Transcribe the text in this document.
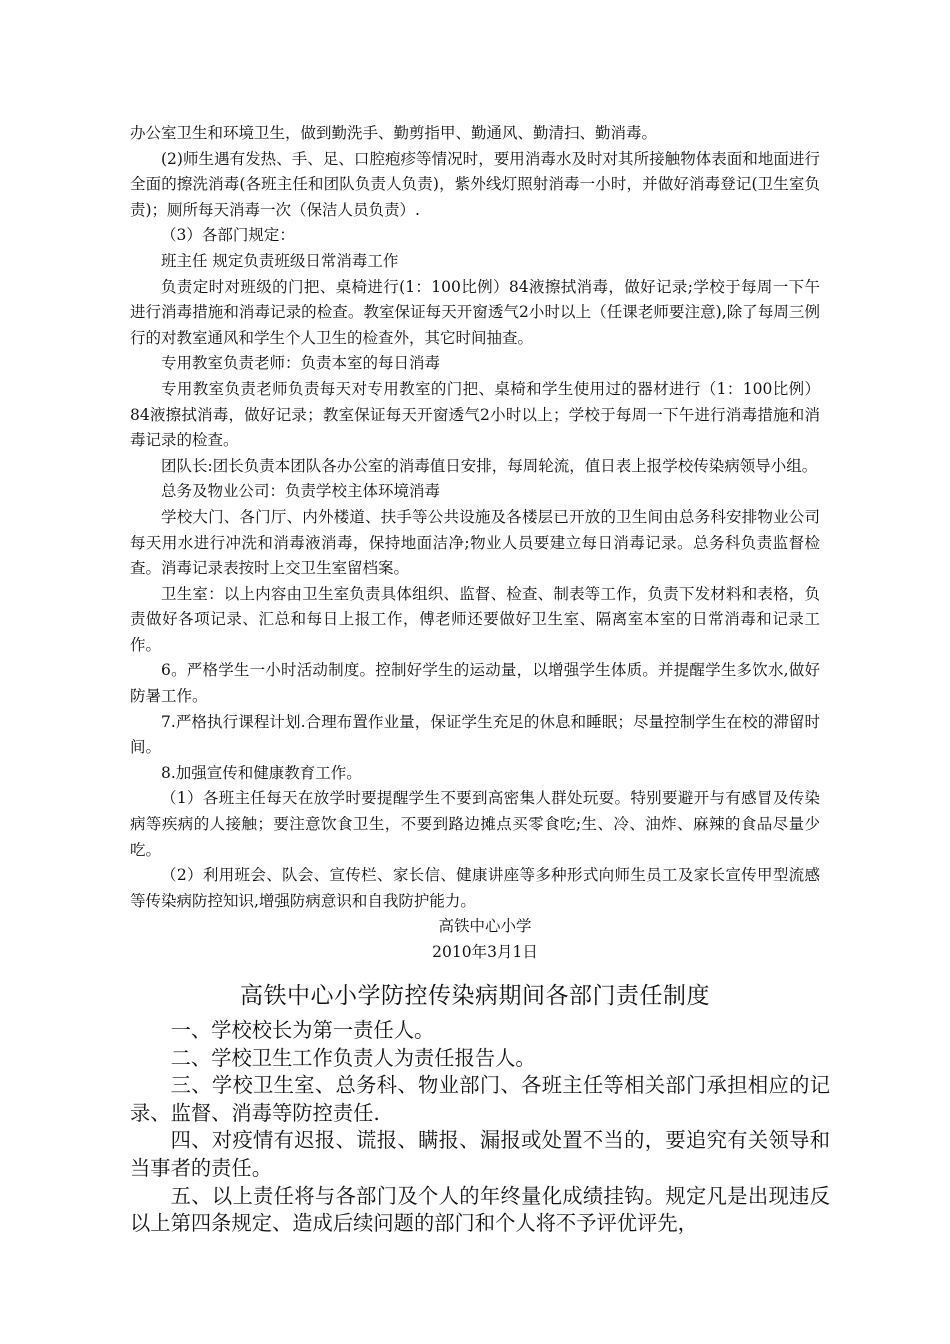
办公室卫生和环境卫生，做到勤洗手、勤剪指甲、勤通风、勤清扫、勤消毒。

(2)师生遇有发热、手、足、口腔疱疹等情况时，要用消毒水及时对其所接触物体表面和地面进行全面的擦洗消毒(各班主任和团队负责人负责)，紫外线灯照射消毒一小时，并做好消毒登记(卫生室负责)；厕所每天消毒一次（保洁人员负责）.

（3）各部门规定：

班主任 规定负责班级日常消毒工作

负责定时对班级的门把、桌椅进行(1：100比例）84液擦拭消毒，做好记录;学校于每周一下午进行消毒措施和消毒记录的检查。教室保证每天开窗透气2小时以上（任课老师要注意),除了每周三例行的对教室通风和学生个人卫生的检查外，其它时间抽查。

专用教室负责老师：负责本室的每日消毒

专用教室负责老师负责每天对专用教室的门把、桌椅和学生使用过的器材进行（1：100比例）84液擦拭消毒，做好记录；教室保证每天开窗透气2小时以上；学校于每周一下午进行消毒措施和消毒记录的检查。

团队长:团长负责本团队各办公室的消毒值日安排，每周轮流，值日表上报学校传染病领导小组。

总务及物业公司：负责学校主体环境消毒

学校大门、各门厅、内外楼道、扶手等公共设施及各楼层已开放的卫生间由总务科安排物业公司每天用水进行冲洗和消毒液消毒，保持地面洁净;物业人员要建立每日消毒记录。总务科负责监督检查。消毒记录表按时上交卫生室留档案。

卫生室：以上内容由卫生室负责具体组织、监督、检查、制表等工作，负责下发材料和表格，负责做好各项记录、汇总和每日上报工作，傅老师还要做好卫生室、隔离室本室的日常消毒和记录工作。

6。严格学生一小时活动制度。控制好学生的运动量，以增强学生体质。并提醒学生多饮水,做好防暑工作。

7.严格执行课程计划.合理布置作业量，保证学生充足的休息和睡眠；尽量控制学生在校的滞留时间。

8.加强宣传和健康教育工作。

（1）各班主任每天在放学时要提醒学生不要到高密集人群处玩耍。特别要避开与有感冒及传染病等疾病的人接触；要注意饮食卫生，不要到路边摊点买零食吃;生、冷、油炸、麻辣的食品尽量少吃。

（2）利用班会、队会、宣传栏、家长信、健康讲座等多种形式向师生员工及家长宣传甲型流感等传染病防控知识,增强防病意识和自我防护能力。

高铁中心小学

2010年3月1日

高铁中心小学防控传染病期间各部门责任制度

一、学校校长为第一责任人。

二、学校卫生工作负责人为责任报告人。

三、学校卫生室、总务科、物业部门、各班主任等相关部门承担相应的记录、监督、消毒等防控责任.

四、对疫情有迟报、谎报、瞒报、漏报或处置不当的，要追究有关领导和当事者的责任。

五、以上责任将与各部门及个人的年终量化成绩挂钩。规定凡是出现违反以上第四条规定、造成后续问题的部门和个人将不予评优评先，
